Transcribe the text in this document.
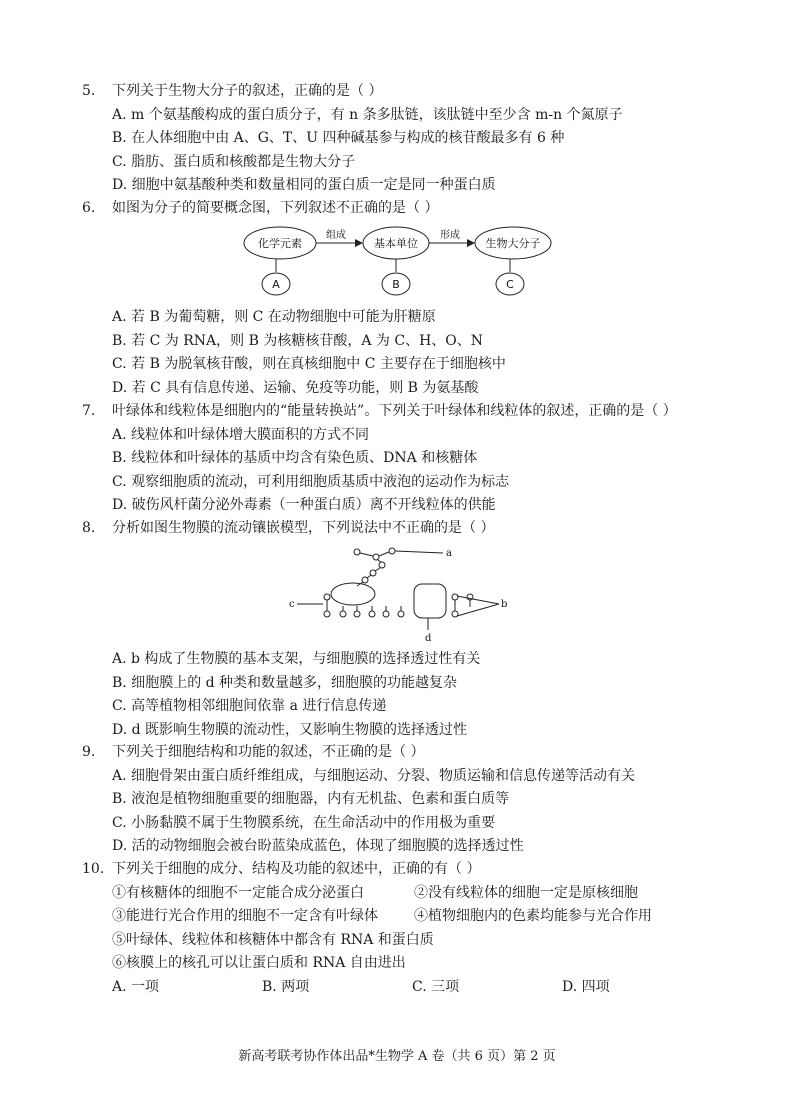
5. 下列关于生物大分子的叙述，正确的是（ ）
A. m 个氨基酸构成的蛋白质分子，有 n 条多肽链，该肽链中至少含 m-n 个氮原子
B. 在人体细胞中由 A、G、T、U 四种碱基参与构成的核苷酸最多有 6 种
C. 脂肪、蛋白质和核酸都是生物大分子
D. 细胞中氨基酸种类和数量相同的蛋白质一定是同一种蛋白质
6. 如图为分子的简要概念图，下列叙述不正确的是（ ）
化学元素	基本单位	生物大分子
组成	形成
A	B	C
A. 若 B 为葡萄糖，则 C 在动物细胞中可能为肝糖原
B. 若 C 为 RNA，则 B 为核糖核苷酸，A 为 C、H、O、N
C. 若 B 为脱氧核苷酸，则在真核细胞中 C 主要存在于细胞核中
D. 若 C 具有信息传递、运输、免疫等功能，则 B 为氨基酸
7. 叶绿体和线粒体是细胞内的“能量转换站”。下列关于叶绿体和线粒体的叙述，正确的是（ ）
A. 线粒体和叶绿体增大膜面积的方式不同
B. 线粒体和叶绿体的基质中均含有染色质、DNA 和核糖体
C. 观察细胞质的流动，可利用细胞质基质中液泡的运动作为标志
D. 破伤风杆菌分泌外毒素（一种蛋白质）离不开线粒体的供能
8. 分析如图生物膜的流动镶嵌模型，下列说法中不正确的是（ ）
a
c
d
b
A. b 构成了生物膜的基本支架，与细胞膜的选择透过性有关
B. 细胞膜上的 d 种类和数量越多，细胞膜的功能越复杂
C. 高等植物相邻细胞间依靠 a 进行信息传递
D. d 既影响生物膜的流动性，又影响生物膜的选择透过性
9. 下列关于细胞结构和功能的叙述，不正确的是（ ）
A. 细胞骨架由蛋白质纤维组成，与细胞运动、分裂、物质运输和信息传递等活动有关
B. 液泡是植物细胞重要的细胞器，内有无机盐、色素和蛋白质等
C. 小肠黏膜不属于生物膜系统，在生命活动中的作用极为重要
D. 活的动物细胞会被台盼蓝染成蓝色，体现了细胞膜的选择透过性
10. 下列关于细胞的成分、结构及功能的叙述中，正确的有（ ）
①有核糖体的细胞不一定能合成分泌蛋白	②没有线粒体的细胞一定是原核细胞
③能进行光合作用的细胞不一定含有叶绿体	④植物细胞内的色素均能参与光合作用
⑤叶绿体、线粒体和核糖体中都含有 RNA 和蛋白质
⑥核膜上的核孔可以让蛋白质和 RNA 自由进出
A. 一项	B. 两项	C. 三项	D. 四项
新高考联考协作体出品*生物学 A 卷（共 6 页）第 2 页
